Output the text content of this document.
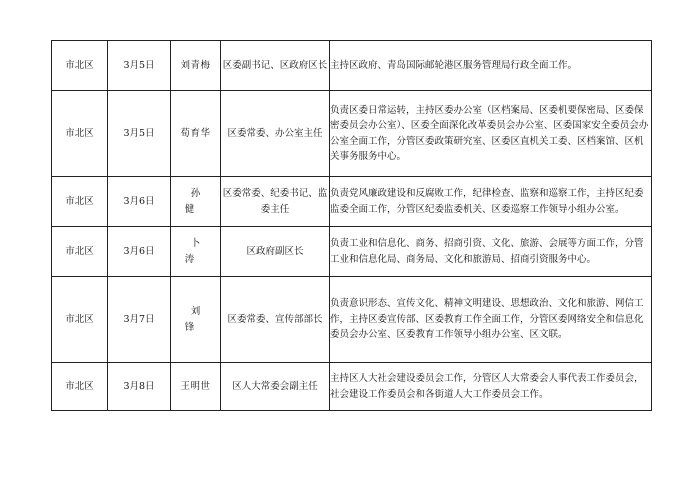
市北区	3月5日	刘青梅	区委副书记、区政府区长	主持区政府、青岛国际邮轮港区服务管理局行政全面工作。
市北区	3月5日	荀育华	区委常委、办公室主任	负责区委日常运转，主持区委办公室（区档案局、区委机要保密局、区委保密委员会办公室）、区委全面深化改革委员会办公室、区委国家安全委员会办公室全面工作，分管区委政策研究室、区委区直机关工委、区档案馆、区机关事务服务中心。
市北区	3月6日	孙健	区委常委、纪委书记、监委主任	负责党风廉政建设和反腐败工作，纪律检查、监察和巡察工作，主持区纪委监委全面工作，分管区纪委监委机关、区委巡察工作领导小组办公室。
市北区	3月6日	卜涛	区政府副区长	负责工业和信息化、商务、招商引资、文化、旅游、会展等方面工作，分管工业和信息化局、商务局、文化和旅游局、招商引资服务中心。
市北区	3月7日	刘锋	区委常委、宣传部部长	负责意识形态、宣传文化、精神文明建设、思想政治、文化和旅游、网信工作，主持区委宣传部、区委教育工作全面工作，分管区委网络安全和信息化委员会办公室、区委教育工作领导小组办公室、区文联。
市北区	3月8日	王明世	区人大常委会副主任	主持区人大社会建设委员会工作，分管区人大常委会人事代表工作委员会，社会建设工作委员会和各街道人大工作委员会工作。
